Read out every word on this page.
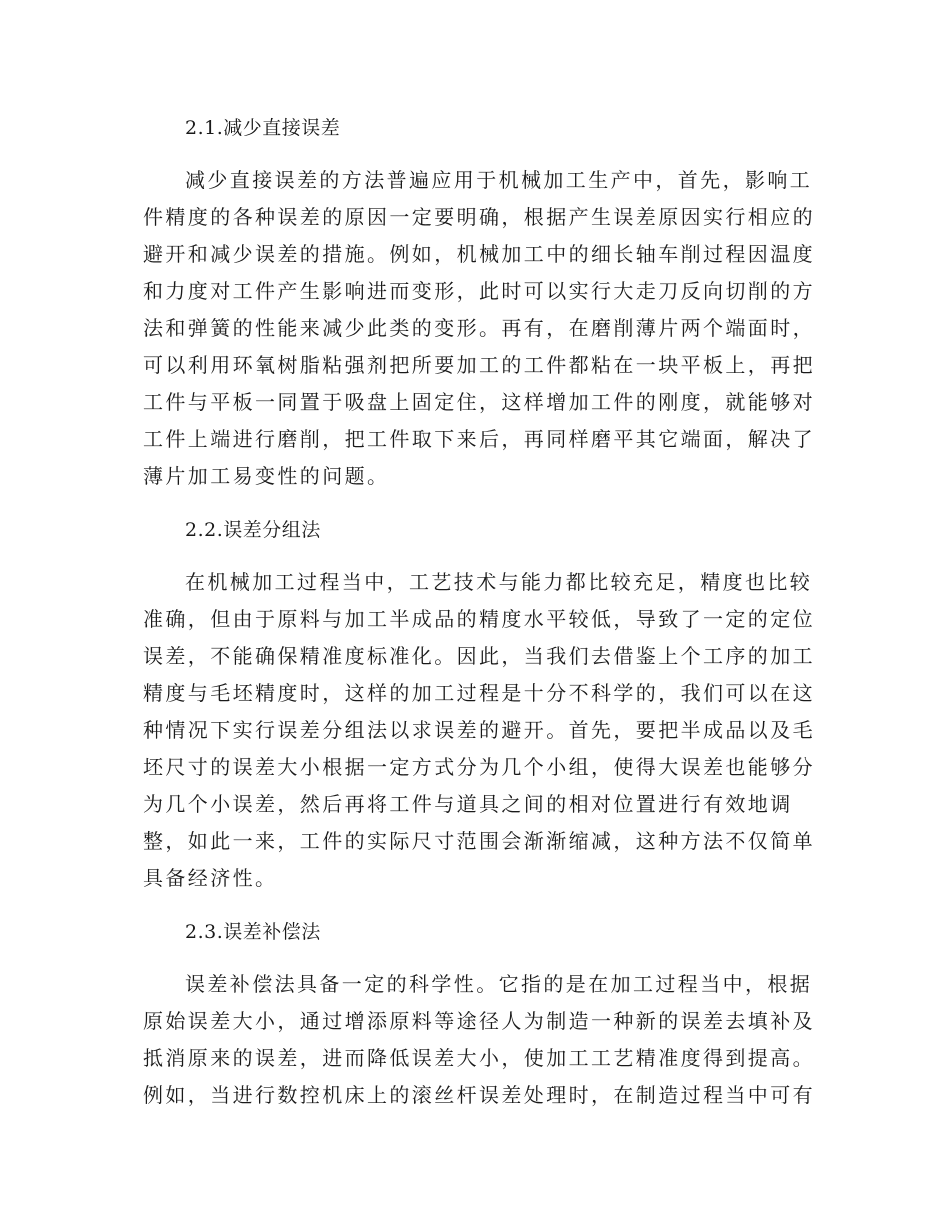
2.1.减少直接误差
减少直接误差的方法普遍应用于机械加工生产中，首先，影响工
件精度的各种误差的原因一定要明确，根据产生误差原因实行相应的
避开和减少误差的措施。例如，机械加工中的细长轴车削过程因温度
和力度对工件产生影响进而变形，此时可以实行大走刀反向切削的方
法和弹簧的性能来减少此类的变形。再有，在磨削薄片两个端面时，
可以利用环氧树脂粘强剂把所要加工的工件都粘在一块平板上，再把
工件与平板一同置于吸盘上固定住，这样增加工件的刚度，就能够对
工件上端进行磨削，把工件取下来后，再同样磨平其它端面，解决了
薄片加工易变性的问题。
2.2.误差分组法
在机械加工过程当中，工艺技术与能力都比较充足，精度也比较
准确，但由于原料与加工半成品的精度水平较低，导致了一定的定位
误差，不能确保精准度标准化。因此，当我们去借鉴上个工序的加工
精度与毛坯精度时，这样的加工过程是十分不科学的，我们可以在这
种情况下实行误差分组法以求误差的避开。首先，要把半成品以及毛
坯尺寸的误差大小根据一定方式分为几个小组，使得大误差也能够分
为几个小误差，然后再将工件与道具之间的相对位置进行有效地调
整，如此一来，工件的实际尺寸范围会渐渐缩减，这种方法不仅简单
具备经济性。
2.3.误差补偿法
误差补偿法具备一定的科学性。它指的是在加工过程当中，根据
原始误差大小，通过增添原料等途径人为制造一种新的误差去填补及
抵消原来的误差，进而降低误差大小，使加工工艺精准度得到提高。
例如，当进行数控机床上的滚丝杆误差处理时，在制造过程当中可有
